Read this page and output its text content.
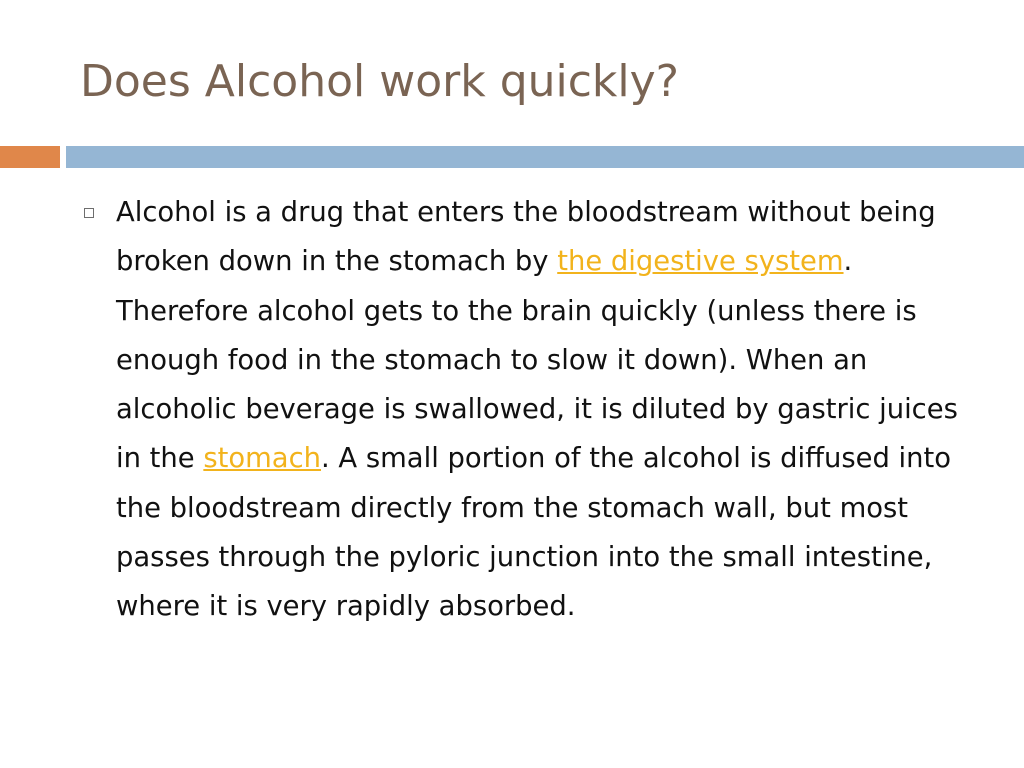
Does Alcohol work quickly?

Alcohol is a drug that enters the bloodstream without being broken down in the stomach by the digestive system. Therefore alcohol gets to the brain quickly (unless there is enough food in the stomach to slow it down). When an alcoholic beverage is swallowed, it is diluted by gastric juices in the stomach. A small portion of the alcohol is diffused into the bloodstream directly from the stomach wall, but most passes through the pyloric junction into the small intestine, where it is very rapidly absorbed.
